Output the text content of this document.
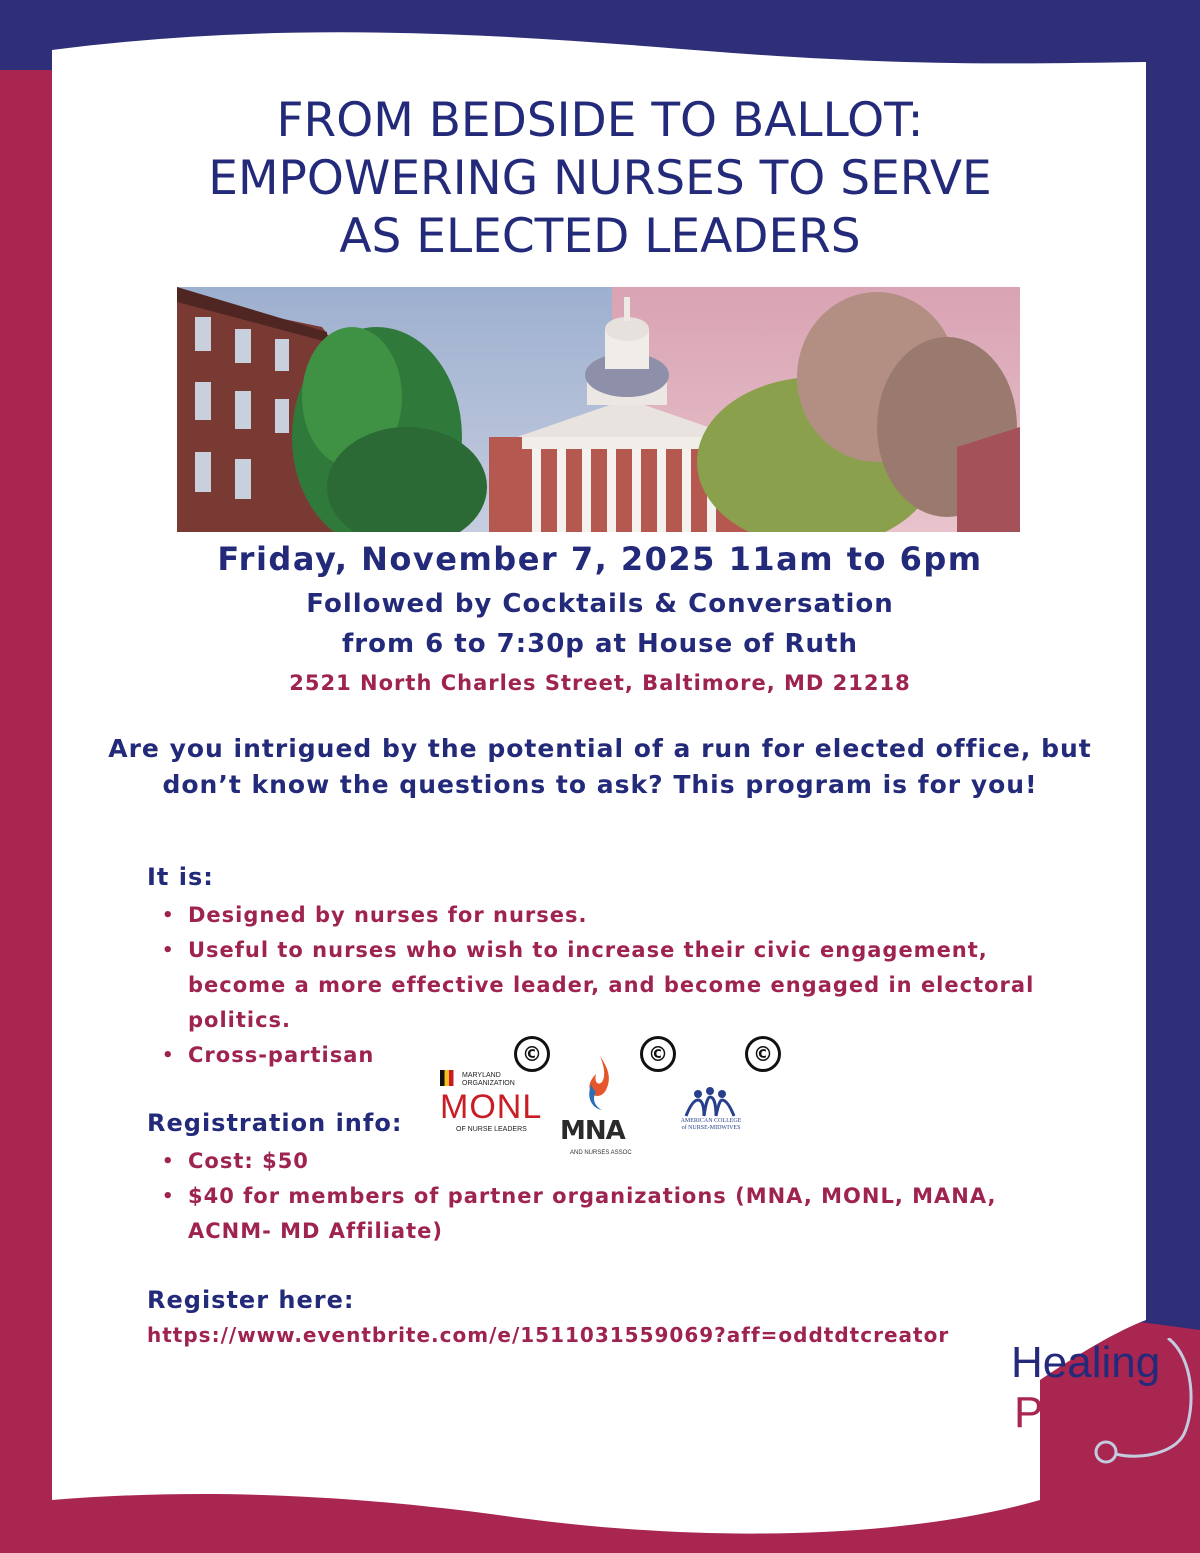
FROM BEDSIDE TO BALLOT:
EMPOWERING NURSES TO SERVE
AS ELECTED LEADERS
Friday, November 7, 2025 11am to 6pm
Followed by Cocktails & Conversation
from 6 to 7:30p at House of Ruth
2521 North Charles Street, Baltimore, MD 21218
Are you intrigued by the potential of a run for elected office, but don’t know the questions to ask? This program is for you!
It is:
• Designed by nurses for nurses.
• Useful to nurses who wish to increase their civic engagement, become a more effective leader, and become engaged in electoral politics.
• Cross-partisan
Registration info:
• Cost: $50
• $40 for members of partner organizations (MNA, MONL, MANA, ACNM- MD Affiliate)
Register here:
https://www.eventbrite.com/e/1511031559069?aff=oddtdtcreator
©	©	©
MARYLAND
ORGANIZATION
MONL
OF NURSE LEADERS MNA
AND NURSES ASSOC
AMERICAN COLLEGE
of NURSE-MIDWIVES
Healing
Politics
